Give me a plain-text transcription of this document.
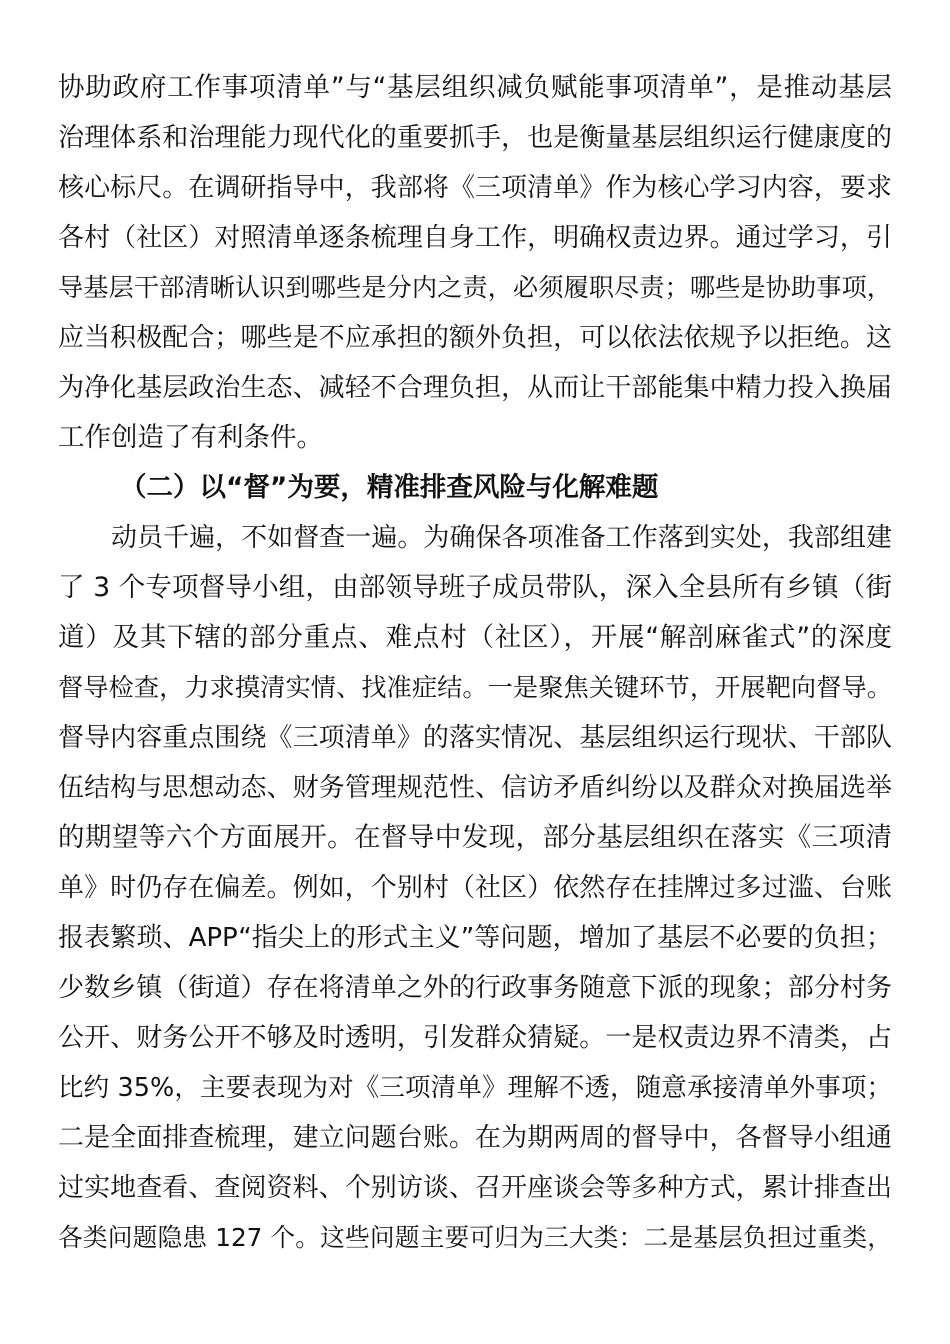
协助政府工作事项清单”与“基层组织减负赋能事项清单”，是推动基层
治理体系和治理能力现代化的重要抓手，也是衡量基层组织运行健康度的
核心标尺。在调研指导中，我部将《三项清单》作为核心学习内容，要求
各村（社区）对照清单逐条梳理自身工作，明确权责边界。通过学习，引
导基层干部清晰认识到哪些是分内之责，必须履职尽责；哪些是协助事项，
应当积极配合；哪些是不应承担的额外负担，可以依法依规予以拒绝。这
为净化基层政治生态、减轻不合理负担，从而让干部能集中精力投入换届
工作创造了有利条件。
（二）以“督”为要，精准排查风险与化解难题
动员千遍，不如督查一遍。为确保各项准备工作落到实处，我部组建
了 3 个专项督导小组，由部领导班子成员带队，深入全县所有乡镇（街
道）及其下辖的部分重点、难点村（社区），开展“解剖麻雀式”的深度
督导检查，力求摸清实情、找准症结。一是聚焦关键环节，开展靶向督导。
督导内容重点围绕《三项清单》的落实情况、基层组织运行现状、干部队
伍结构与思想动态、财务管理规范性、信访矛盾纠纷以及群众对换届选举
的期望等六个方面展开。在督导中发现，部分基层组织在落实《三项清
单》时仍存在偏差。例如，个别村（社区）依然存在挂牌过多过滥、台账
报表繁琐、APP“指尖上的形式主义”等问题，增加了基层不必要的负担；
少数乡镇（街道）存在将清单之外的行政事务随意下派的现象；部分村务
公开、财务公开不够及时透明，引发群众猜疑。一是权责边界不清类，占
比约 35%，主要表现为对《三项清单》理解不透，随意承接清单外事项；
二是全面排查梳理，建立问题台账。在为期两周的督导中，各督导小组通
过实地查看、查阅资料、个别访谈、召开座谈会等多种方式，累计排查出
各类问题隐患 127 个。这些问题主要可归为三大类：二是基层负担过重类，
